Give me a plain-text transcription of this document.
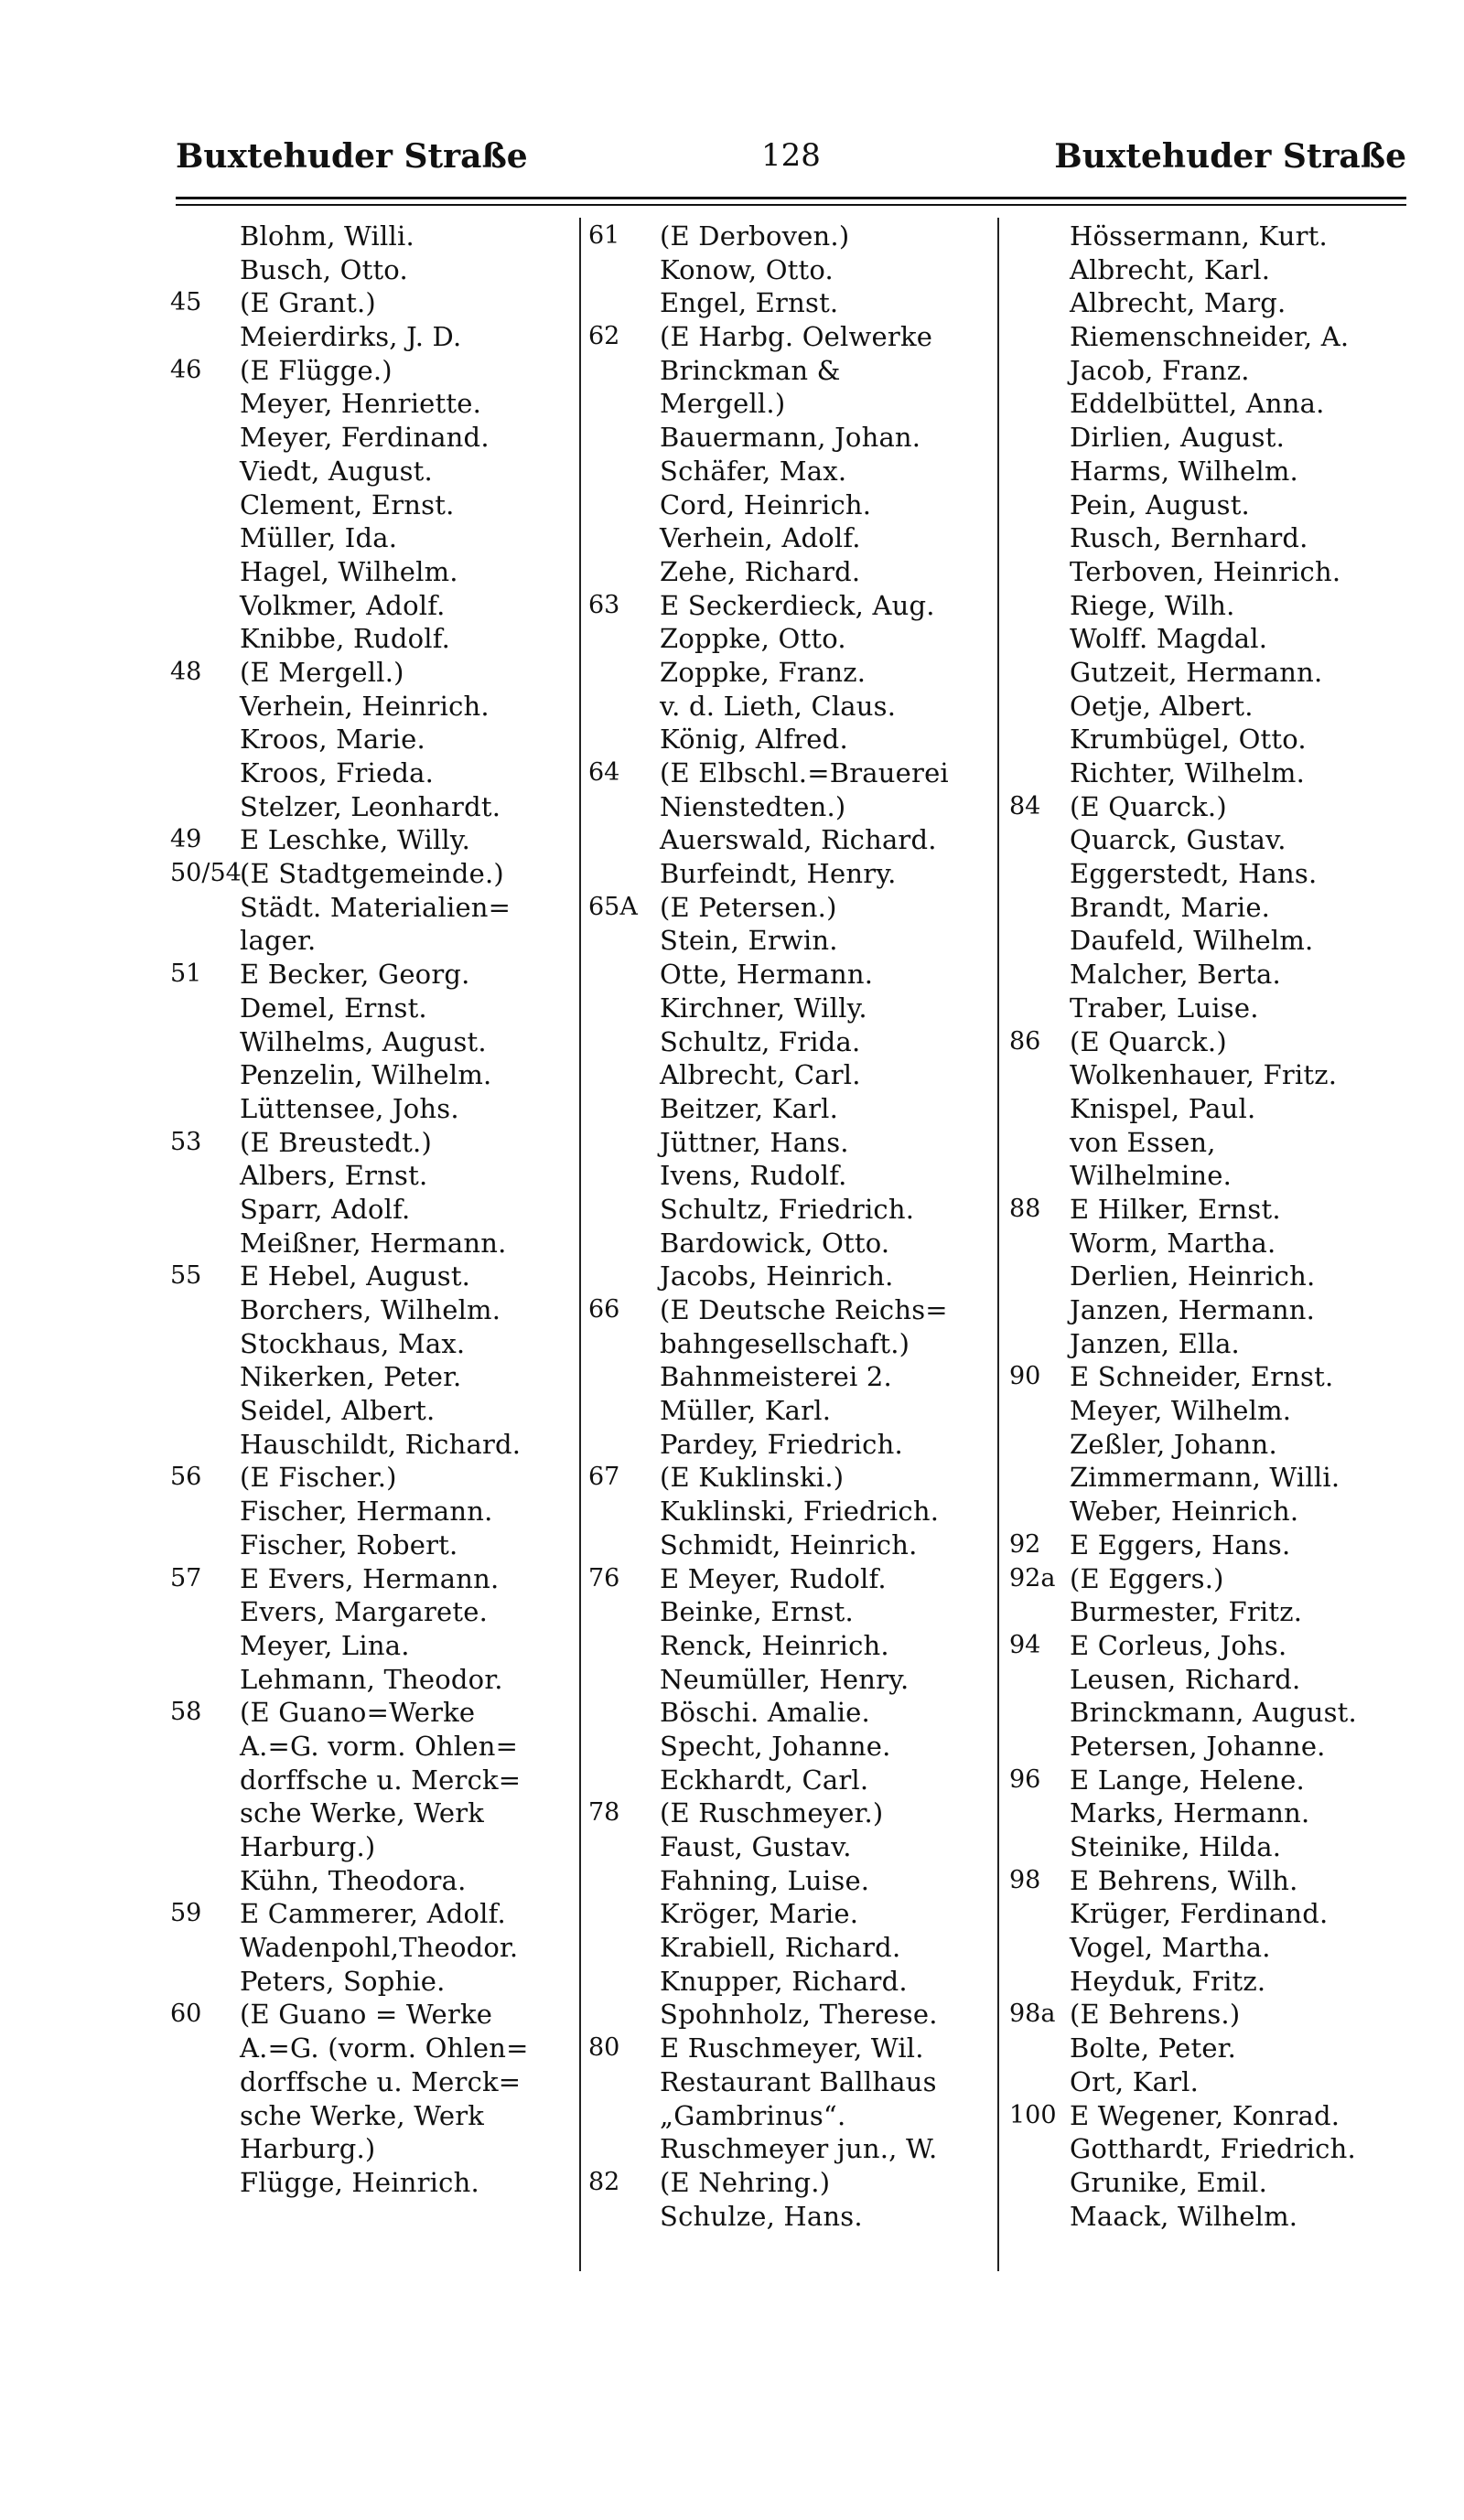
Buxtehuder Straße	128	Buxtehuder Straße
Blohm, Willi.
Busch, Otto.
45 (E Grant.)
Meierdirks, J. D.
46 (E Flügge.)
Meyer, Henriette.
Meyer, Ferdinand.
Viedt, August.
Clement, Ernst.
Müller, Ida.
Hagel, Wilhelm.
Volkmer, Adolf.
Knibbe, Rudolf.
48 (E Mergell.)
Verhein, Heinrich.
Kroos, Marie.
Kroos, Frieda.
Stelzer, Leonhardt.
49 E Leschke, Willy.
50/54
(E Stadtgemeinde.)
Städt. Materialien=
lager.
51 E Becker, Georg.
Demel, Ernst.
Wilhelms, August.
Penzelin, Wilhelm.
Lüttensee, Johs.
53 (E Breustedt.)
Albers, Ernst.
Sparr, Adolf.
Meißner, Hermann.
55 E Hebel, August.
Borchers, Wilhelm.
Stockhaus, Max.
Nikerken, Peter.
Seidel, Albert.
Hauschildt, Richard.
56 (E Fischer.)
Fischer, Hermann.
Fischer, Robert.
57 E Evers, Hermann.
Evers, Margarete.
Meyer, Lina.
Lehmann, Theodor.
58 (E Guano=Werke
A.=G. vorm. Ohlen=
dorffsche u. Merck=
sche Werke, Werk
Harburg.)
Kühn, Theodora.
59 E Cammerer, Adolf.
Wadenpohl,Theodor.
Peters, Sophie.
60 (E Guano = Werke
A.=G. (vorm. Ohlen=
dorffsche u. Merck=
sche Werke, Werk
Harburg.)
Flügge, Heinrich.
61 (E Derboven.)
Konow, Otto.
Engel, Ernst.
62 (E Harbg. Oelwerke
Brinckman &
Mergell.)
Bauermann, Johan.
Schäfer, Max.
Cord, Heinrich.
Verhein, Adolf.
Zehe, Richard.
63 E Seckerdieck, Aug.
Zoppke, Otto.
Zoppke, Franz.
v. d. Lieth, Claus.
König, Alfred.
64 (E Elbschl.=Brauerei
Nienstedten.)
Auerswald, Richard.
Burfeindt, Henry.
65A (E Petersen.)
Stein, Erwin.
Otte, Hermann.
Kirchner, Willy.
Schultz, Frida.
Albrecht, Carl.
Beitzer, Karl.
Jüttner, Hans.
Ivens, Rudolf.
Schultz, Friedrich.
Bardowick, Otto.
Jacobs, Heinrich.
66 (E Deutsche Reichs=
bahngesellschaft.)
Bahnmeisterei 2.
Müller, Karl.
Pardey, Friedrich.
67 (E Kuklinski.)
Kuklinski, Friedrich.
Schmidt, Heinrich.
76 E Meyer, Rudolf.
Beinke, Ernst.
Renck, Heinrich.
Neumüller, Henry.
Böschi. Amalie.
Specht, Johanne.
Eckhardt, Carl.
78 (E Ruschmeyer.)
Faust, Gustav.
Fahning, Luise.
Kröger, Marie.
Krabiell, Richard.
Knupper, Richard.
Spohnholz, Therese.
80 E Ruschmeyer, Wil.
Restaurant Ballhaus
„Gambrinus“.
Ruschmeyer jun., W.
82 (E Nehring.)
Schulze, Hans.
Hössermann, Kurt.
Albrecht, Karl.
Albrecht, Marg.
Riemenschneider, A.
Jacob, Franz.
Eddelbüttel, Anna.
Dirlien, August.
Harms, Wilhelm.
Pein, August.
Rusch, Bernhard.
Terboven, Heinrich.
Riege, Wilh.
Wolff. Magdal.
Gutzeit, Hermann.
Oetje, Albert.
Krumbügel, Otto.
Richter, Wilhelm.
84 (E Quarck.)
Quarck, Gustav.
Eggerstedt, Hans.
Brandt, Marie.
Daufeld, Wilhelm.
Malcher, Berta.
Traber, Luise.
86 (E Quarck.)
Wolkenhauer, Fritz.
Knispel, Paul.
von Essen,
Wilhelmine.
88 E Hilker, Ernst.
Worm, Martha.
Derlien, Heinrich.
Janzen, Hermann.
Janzen, Ella.
90 E Schneider, Ernst.
Meyer, Wilhelm.
Zeßler, Johann.
Zimmermann, Willi.
Weber, Heinrich.
92 E Eggers, Hans.
92a (E Eggers.)
Burmester, Fritz.
94 E Corleus, Johs.
Leusen, Richard.
Brinckmann, August.
Petersen, Johanne.
96 E Lange, Helene.
Marks, Hermann.
Steinike, Hilda.
98 E Behrens, Wilh.
Krüger, Ferdinand.
Vogel, Martha.
Heyduk, Fritz.
98a (E Behrens.)
Bolte, Peter.
Ort, Karl.
100 E Wegener, Konrad.
Gotthardt, Friedrich.
Grunike, Emil.
Maack, Wilhelm.
